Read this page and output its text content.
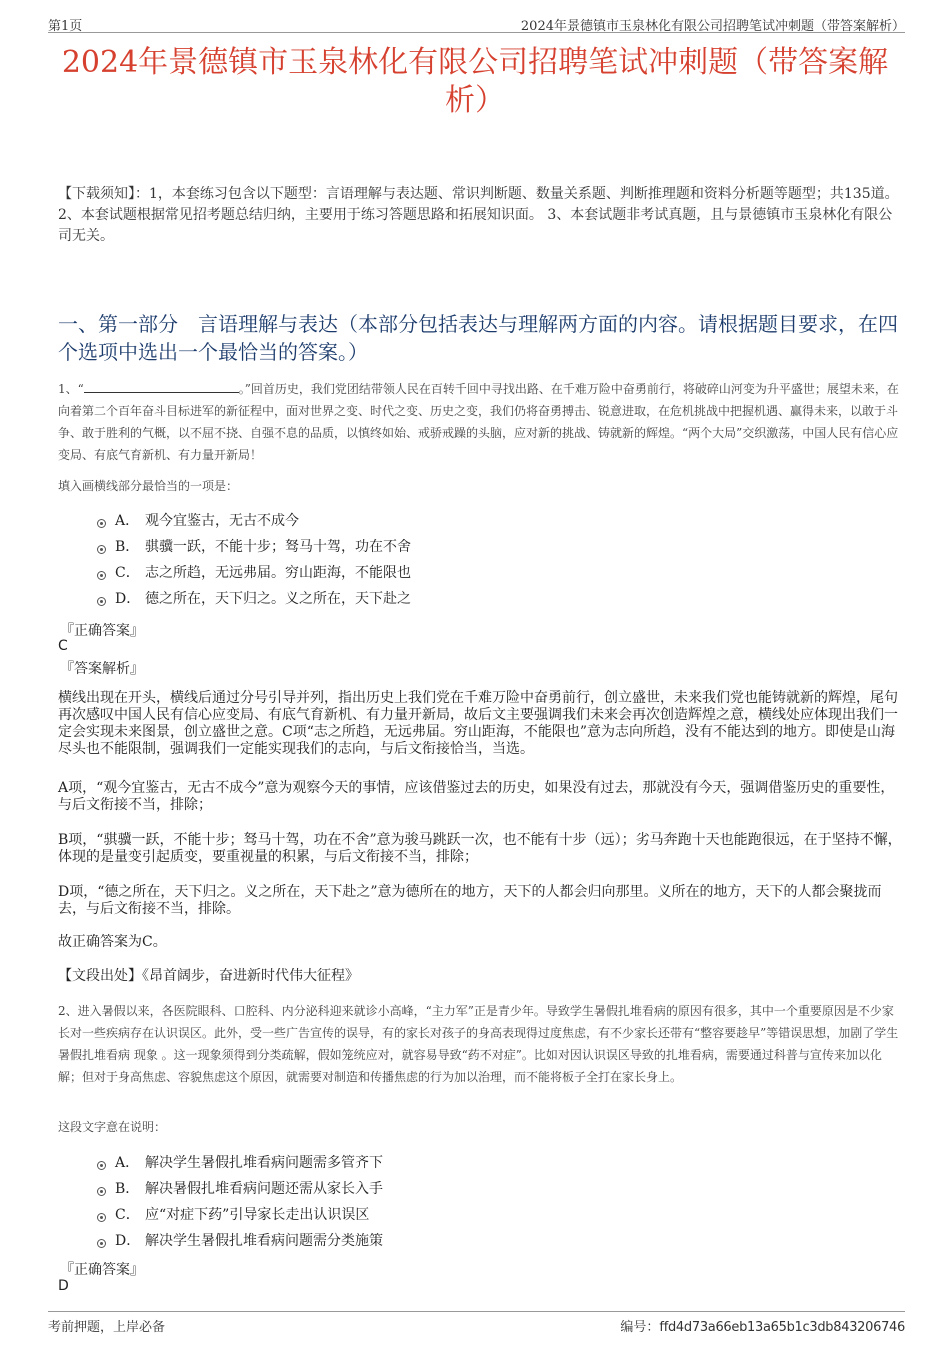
第1页	2024年景德镇市玉泉林化有限公司招聘笔试冲刺题（带答案解析）
2024年景德镇市玉泉林化有限公司招聘笔试冲刺题（带答案解析）
【下载须知】：1，本套练习包含以下题型：言语理解与表达题、常识判断题、数量关系题、判断推理题和资料分析题等题型；共135道。 2、本套试题根据常见招考题总结归纳，主要用于练习答题思路和拓展知识面。 3、本套试题非考试真题，且与景德镇市玉泉林化有限公司无关。
一、第一部分　言语理解与表达（本部分包括表达与理解两方面的内容。请根据题目要求，在四个选项中选出一个最恰当的答案。）
1、“	。”回首历史，我们党团结带领人民在百转千回中寻找出路、在千难万险中奋勇前行，将破碎山河变为升平盛世；展望未来，在向着第二个百年奋斗目标进军的新征程中，面对世界之变、时代之变、历史之变，我们仍将奋勇搏击、锐意进取，在危机挑战中把握机遇、赢得未来，以敢于斗争、敢于胜利的气概，以不屈不挠、自强不息的品质，以慎终如始、戒骄戒躁的头脑，应对新的挑战、铸就新的辉煌。“两个大局”交织激荡，中国人民有信心应变局、有底气育新机、有力量开新局！
填入画横线部分最恰当的一项是：
A． 观今宜鉴古，无古不成今
B． 骐骥一跃，不能十步；驽马十驾，功在不舍
C． 志之所趋，无远弗届。穷山距海，不能限也
D． 德之所在，天下归之。义之所在，天下赴之
『正确答案』
C
『答案解析』
横线出现在开头，横线后通过分号引导并列，指出历史上我们党在千难万险中奋勇前行，创立盛世，未来我们党也能铸就新的辉煌，尾句再次感叹中国人民有信心应变局、有底气育新机、有力量开新局，故后文主要强调我们未来会再次创造辉煌之意，横线处应体现出我们一定会实现未来图景，创立盛世之意。C项“志之所趋，无远弗届。穷山距海，不能限也”意为志向所趋，没有不能达到的地方。即使是山海尽头也不能限制，强调我们一定能实现我们的志向，与后文衔接恰当，当选。
A项，“观今宜鉴古，无古不成今”意为观察今天的事情，应该借鉴过去的历史，如果没有过去，那就没有今天，强调借鉴历史的重要性，与后文衔接不当，排除；
B项，“骐骥一跃，不能十步；驽马十驾，功在不舍”意为骏马跳跃一次，也不能有十步（远）；劣马奔跑十天也能跑很远，在于坚持不懈，体现的是量变引起质变，要重视量的积累，与后文衔接不当，排除；
D项，“德之所在，天下归之。义之所在，天下赴之”意为德所在的地方，天下的人都会归向那里。义所在的地方，天下的人都会聚拢而去，与后文衔接不当，排除。
故正确答案为C。
【文段出处】《昂首阔步，奋进新时代伟大征程》
2、进入暑假以来，各医院眼科、口腔科、内分泌科迎来就诊小高峰，“主力军”正是青少年。导致学生暑假扎堆看病的原因有很多，其中一个重要原因是不少家长对一些疾病存在认识误区。此外，受一些广告宣传的误导，有的家长对孩子的身高表现得过度焦虑，有不少家长还带有“整容要趁早”等错误思想，加剧了学生暑假扎堆看病 现象 。这一现象须得到分类疏解，假如笼统应对，就容易导致“药不对症”。比如对因认识误区导致的扎堆看病，需要通过科普与宣传来加以化解；但对于身高焦虑、容貌焦虑这个原因，就需要对制造和传播焦虑的行为加以治理，而不能将板子全打在家长身上。
这段文字意在说明：
A． 解决学生暑假扎堆看病问题需多管齐下
B． 解决暑假扎堆看病问题还需从家长入手
C． 应“对症下药”引导家长走出认识误区
D． 解决学生暑假扎堆看病问题需分类施策
『正确答案』
D
考前押题，上岸必备	编号：ffd4d73a66eb13a65b1c3db843206746
